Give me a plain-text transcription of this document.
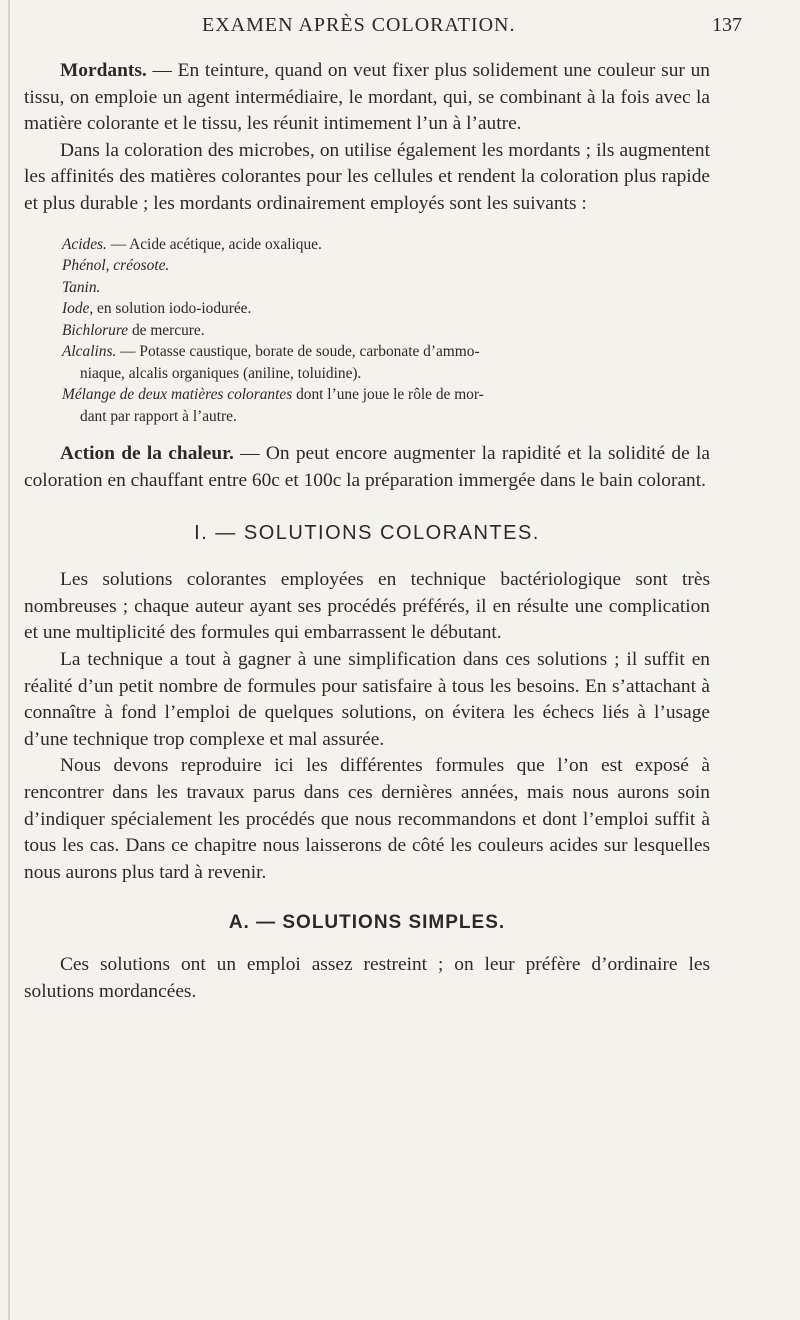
EXAMEN APRÈS COLORATION.	137

Mordants. — En teinture, quand on veut fixer plus solidement une couleur sur un tissu, on emploie un agent intermédiaire, le mordant, qui, se combinant à la fois avec la matière colorante et le tissu, les réunit intimement l’un à l’autre.

Dans la coloration des microbes, on utilise également les mordants ; ils augmentent les affinités des matières colorantes pour les cellules et rendent la coloration plus rapide et plus durable ; les mordants ordinairement employés sont les suivants :

Acides. — Acide acétique, acide oxalique.
Phénol, créosote.
Tanin.
Iode, en solution iodo-iodurée.
Bichlorure de mercure.
Alcalins. — Potasse caustique, borate de soude, carbonate d’ammo-
niaque, alcalis organiques (aniline, toluidine).
Mélange de deux matières colorantes dont l’une joue le rôle de mor-
dant par rapport à l’autre.

Action de la chaleur. — On peut encore augmenter la rapidité et la solidité de la coloration en chauffant entre 60c et 100c la préparation immergée dans le bain colorant.

I. — SOLUTIONS COLORANTES.

Les solutions colorantes employées en technique bactériologique sont très nombreuses ; chaque auteur ayant ses procédés préférés, il en résulte une complication et une multiplicité des formules qui embarrassent le débutant.

La technique a tout à gagner à une simplification dans ces solutions ; il suffit en réalité d’un petit nombre de formules pour satisfaire à tous les besoins. En s’attachant à connaître à fond l’emploi de quelques solutions, on évitera les échecs liés à l’usage d’une technique trop complexe et mal assurée.

Nous devons reproduire ici les différentes formules que l’on est exposé à rencontrer dans les travaux parus dans ces dernières années, mais nous aurons soin d’indiquer spécialement les procédés que nous recommandons et dont l’emploi suffit à tous les cas. Dans ce chapitre nous laisserons de côté les couleurs acides sur lesquelles nous aurons plus tard à revenir.

A. — SOLUTIONS SIMPLES.

Ces solutions ont un emploi assez restreint ; on leur préfère d’ordinaire les solutions mordancées.
